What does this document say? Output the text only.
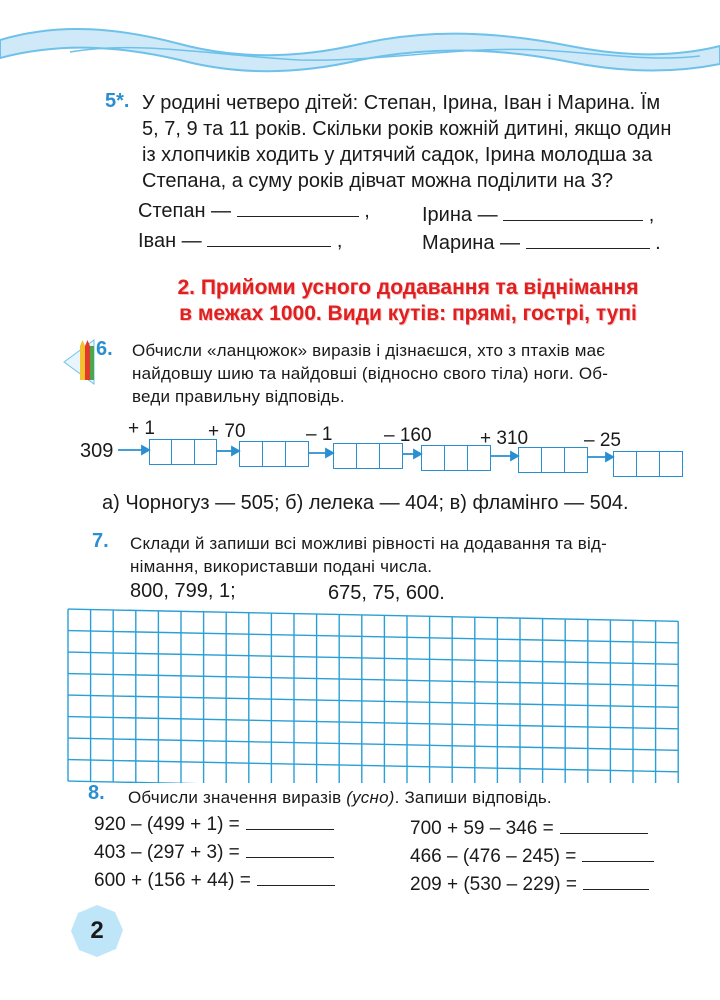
5*. У родині четверо дітей: Степан, Ірина, Іван і Марина. Їм
5, 7, 9 та 11 років. Скільки років кожній дитині, якщо один
із хлопчиків ходить у дитячий садок, Ірина молодша за
Степана, а суму років дівчат можна поділити на 3?
Степан —	,	Ірина —	,
Іван —	,	Марина —	.
2. Прийоми усного додавання та віднімання
в межах 1000. Види кутів: прямі, гострі, тупі
6. Обчисли «ланцюжок» виразів і дізнаєшся, хто з птахів має
найдовшу шию та найдовші (відносно свого тіла) ноги. Об-
веди правильну відповідь.
309
+ 1	+ 70	– 1	– 160	+ 310	– 25
а) Чорногуз — 505; б) лелека — 404; в) фламінго — 504.
7. Склади й запиши всі можливі рівності на додавання та від-
німання, використавши подані числа.
800, 799, 1;	675, 75, 600.
8. Обчисли значення виразів (усно). Запиши відповідь.
920 – (499 + 1) =
403 – (297 + 3) =
600 + (156 + 44) =
700 + 59 – 346 =
466 – (476 – 245) =
209 + (530 – 229) =
2
